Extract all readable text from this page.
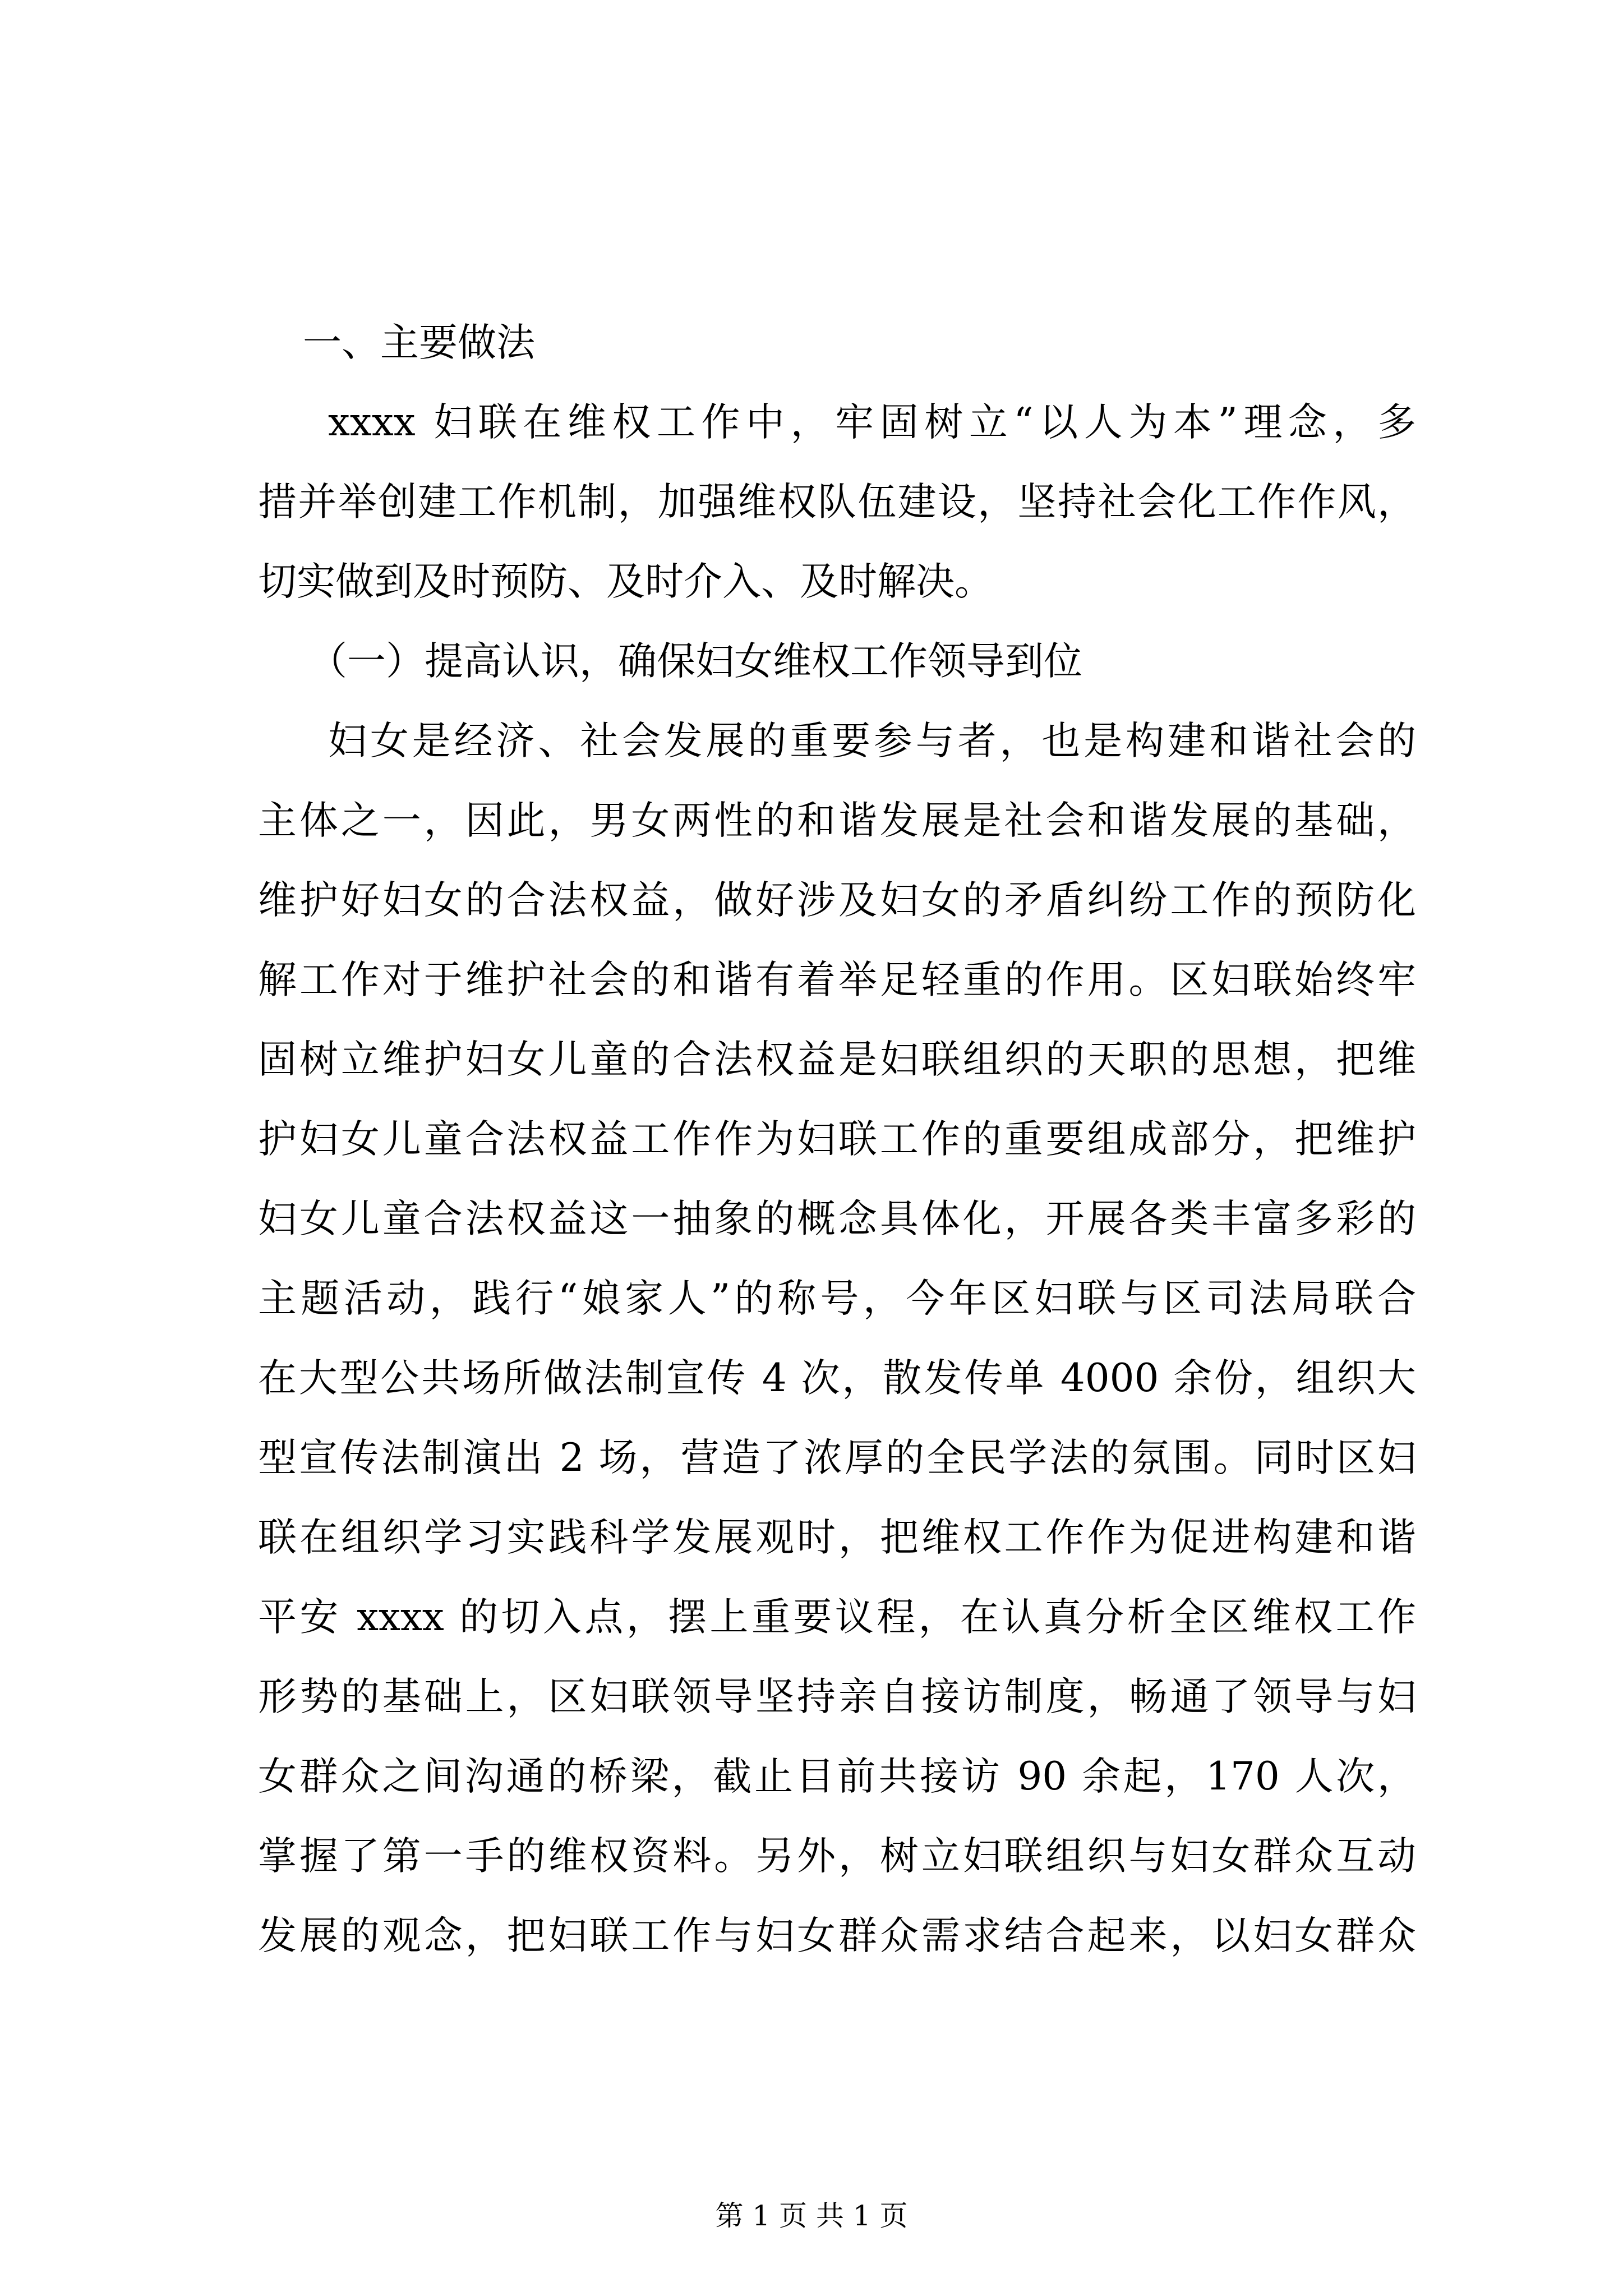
一、主要做法
xxxx 妇联在维权工作中，牢固树立“以人为本”理念，多
措并举创建工作机制，加强维权队伍建设，坚持社会化工作作风，
切实做到及时预防、及时介入、及时解决。
（一）提高认识，确保妇女维权工作领导到位
妇女是经济、社会发展的重要参与者，也是构建和谐社会的
主体之一，因此，男女两性的和谐发展是社会和谐发展的基础，
维护好妇女的合法权益，做好涉及妇女的矛盾纠纷工作的预防化
解工作对于维护社会的和谐有着举足轻重的作用。区妇联始终牢
固树立维护妇女儿童的合法权益是妇联组织的天职的思想，把维
护妇女儿童合法权益工作作为妇联工作的重要组成部分，把维护
妇女儿童合法权益这一抽象的概念具体化，开展各类丰富多彩的
主题活动，践行“娘家人”的称号，今年区妇联与区司法局联合
在大型公共场所做法制宣传 4 次，散发传单 4000 余份，组织大
型宣传法制演出 2 场，营造了浓厚的全民学法的氛围。同时区妇
联在组织学习实践科学发展观时，把维权工作作为促进构建和谐
平安 xxxx 的切入点，摆上重要议程，在认真分析全区维权工作
形势的基础上，区妇联领导坚持亲自接访制度，畅通了领导与妇
女群众之间沟通的桥梁，截止目前共接访 90 余起，170 人次，
掌握了第一手的维权资料。另外，树立妇联组织与妇女群众互动
发展的观念，把妇联工作与妇女群众需求结合起来，以妇女群众
第 1 页 共 1 页
